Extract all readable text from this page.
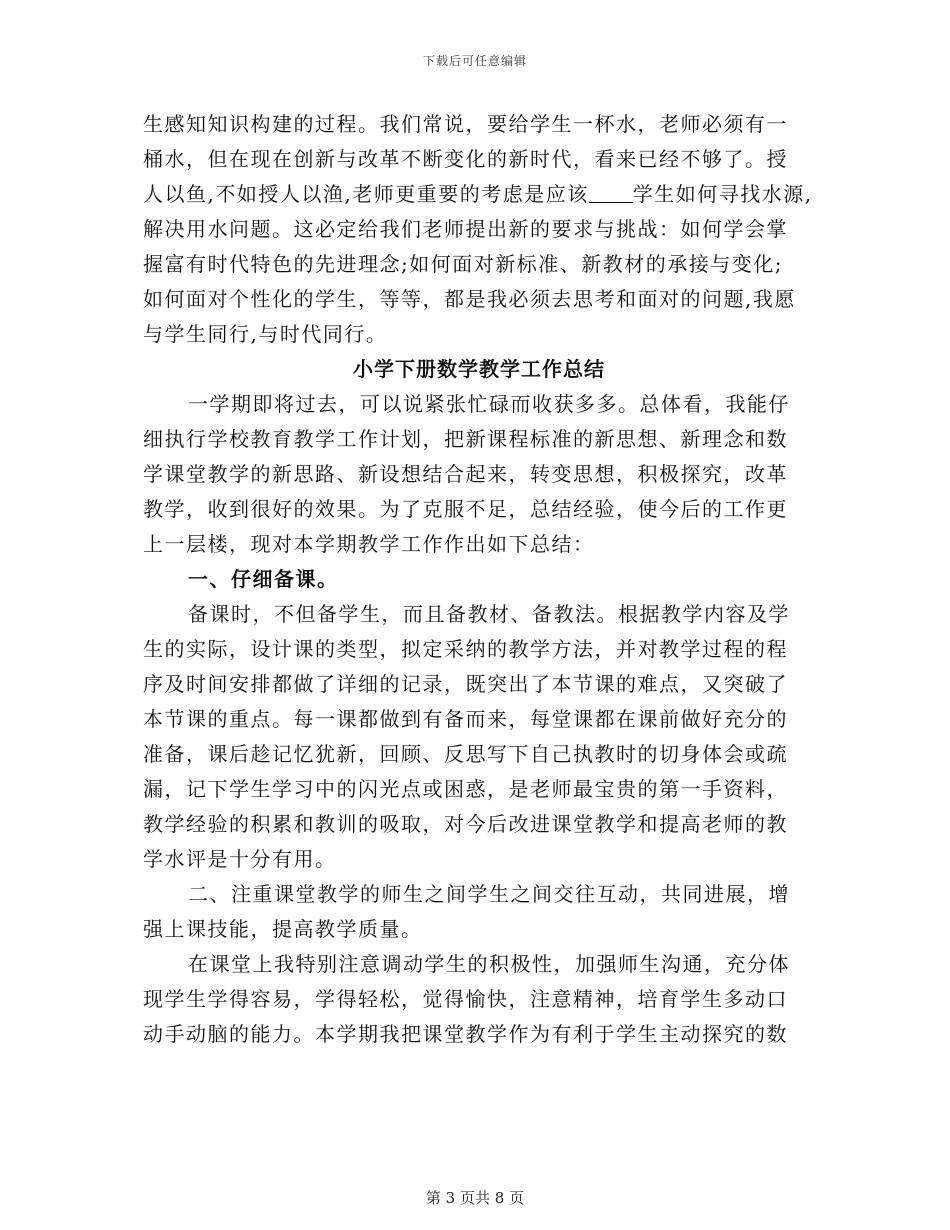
下载后可任意编辑
生感知知识构建的过程。我们常说，要给学生一杯水，老师必须有一
桶水，但在现在创新与改革不断变化的新时代，看来已经不够了。授
人以鱼,不如授人以渔,老师更重要的考虑是应该 学生如何寻找水源,
解决用水问题。这必定给我们老师提出新的要求与挑战：如何学会掌
握富有时代特色的先进理念;如何面对新标准、新教材的承接与变化;
如何面对个性化的学生，等等，都是我必须去思考和面对的问题,我愿
与学生同行,与时代同行。
小学下册数学教学工作总结
一学期即将过去，可以说紧张忙碌而收获多多。总体看，我能仔
细执行学校教育教学工作计划，把新课程标准的新思想、新理念和数
学课堂教学的新思路、新设想结合起来，转变思想，积极探究，改革
教学，收到很好的效果。为了克服不足，总结经验，使今后的工作更
上一层楼，现对本学期教学工作作出如下总结：
一、仔细备课。
备课时，不但备学生，而且备教材、备教法。根据教学内容及学
生的实际，设计课的类型，拟定采纳的教学方法，并对教学过程的程
序及时间安排都做了详细的记录，既突出了本节课的难点，又突破了
本节课的重点。每一课都做到有备而来，每堂课都在课前做好充分的
准备，课后趁记忆犹新，回顾、反思写下自己执教时的切身体会或疏
漏，记下学生学习中的闪光点或困惑，是老师最宝贵的第一手资料，
教学经验的积累和教训的吸取，对今后改进课堂教学和提高老师的教
学水评是十分有用。
二、注重课堂教学的师生之间学生之间交往互动，共同进展，增
强上课技能，提高教学质量。
在课堂上我特别注意调动学生的积极性，加强师生沟通，充分体
现学生学得容易，学得轻松，觉得愉快，注意精神，培育学生多动口
动手动脑的能力。本学期我把课堂教学作为有利于学生主动探究的数
第 3 页共 8 页
